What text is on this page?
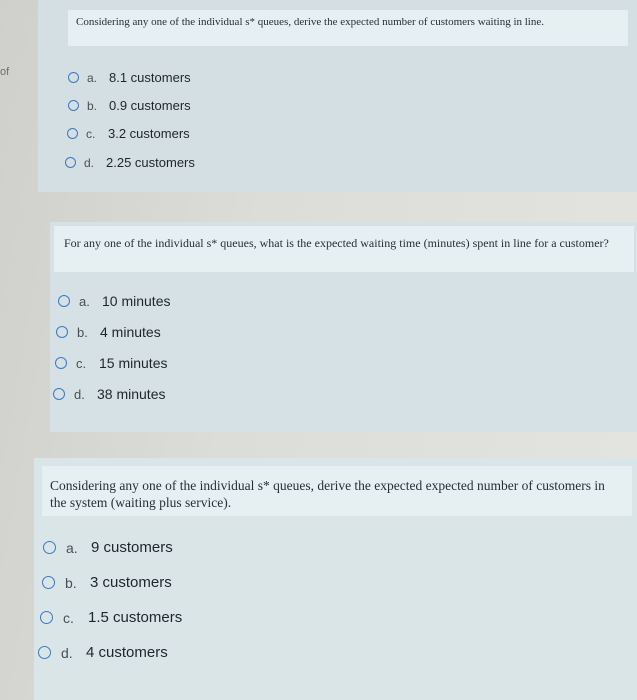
of
Considering any one of the individual s* queues, derive the expected number of customers waiting in line.
a. 8.1 customers
b. 0.9 customers
c. 3.2 customers
d. 2.25 customers
For any one of the individual s* queues, what is the expected waiting time (minutes) spent in line for a customer?
a. 10 minutes
b. 4 minutes
c. 15 minutes
d. 38 minutes
Considering any one of the individual s* queues, derive the expected expected number of customers in the system (waiting plus service).
a. 9 customers
b. 3 customers
c. 1.5 customers
d. 4 customers
